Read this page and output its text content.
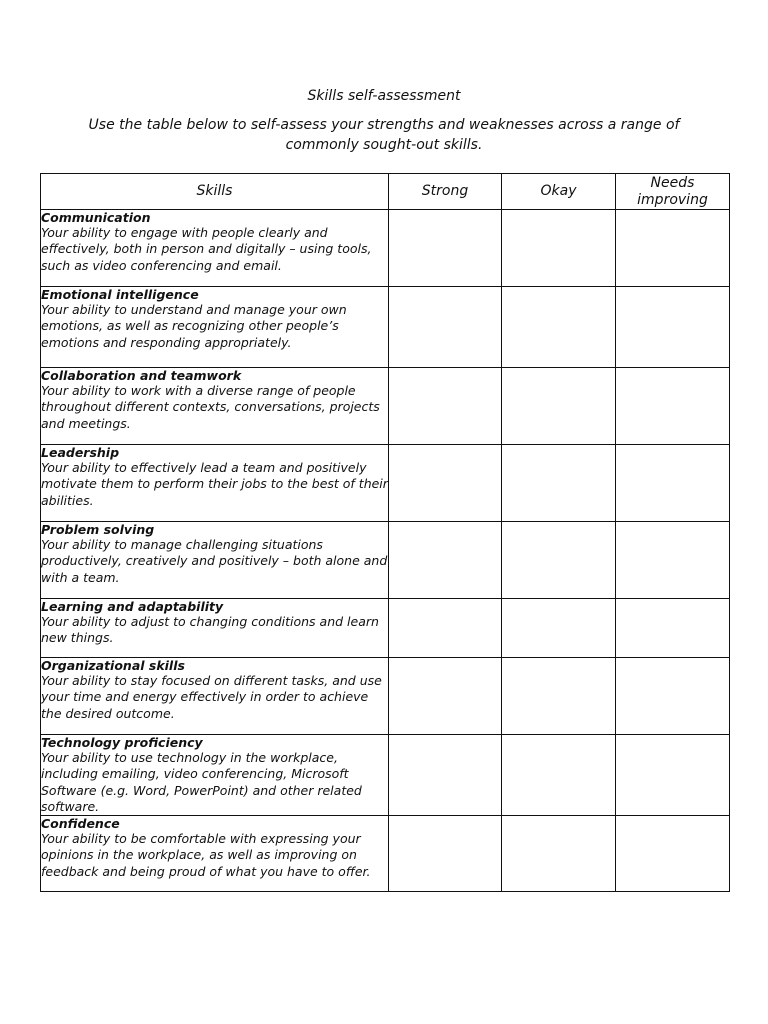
Skills self-assessment

Use the table below to self-assess your strengths and weaknesses across a range of commonly sought-out skills.

Skills	Strong	Okay	Needs improving

Communication
Your ability to engage with people clearly and effectively, both in person and digitally – using tools, such as video conferencing and email.			

Emotional intelligence
Your ability to understand and manage your own emotions, as well as recognizing other people’s emotions and responding appropriately.			

Collaboration and teamwork
Your ability to work with a diverse range of people throughout different contexts, conversations, projects and meetings.			

Leadership
Your ability to effectively lead a team and positively motivate them to perform their jobs to the best of their abilities.			

Problem solving
Your ability to manage challenging situations productively, creatively and positively – both alone and with a team.			

Learning and adaptability
Your ability to adjust to changing conditions and learn new things.			

Organizational skills
Your ability to stay focused on different tasks, and use your time and energy effectively in order to achieve the desired outcome.			

Technology proficiency
Your ability to use technology in the workplace, including emailing, video conferencing, Microsoft Software (e.g. Word, PowerPoint) and other related software.			

Confidence
Your ability to be comfortable with expressing your opinions in the workplace, as well as improving on feedback and being proud of what you have to offer.			
